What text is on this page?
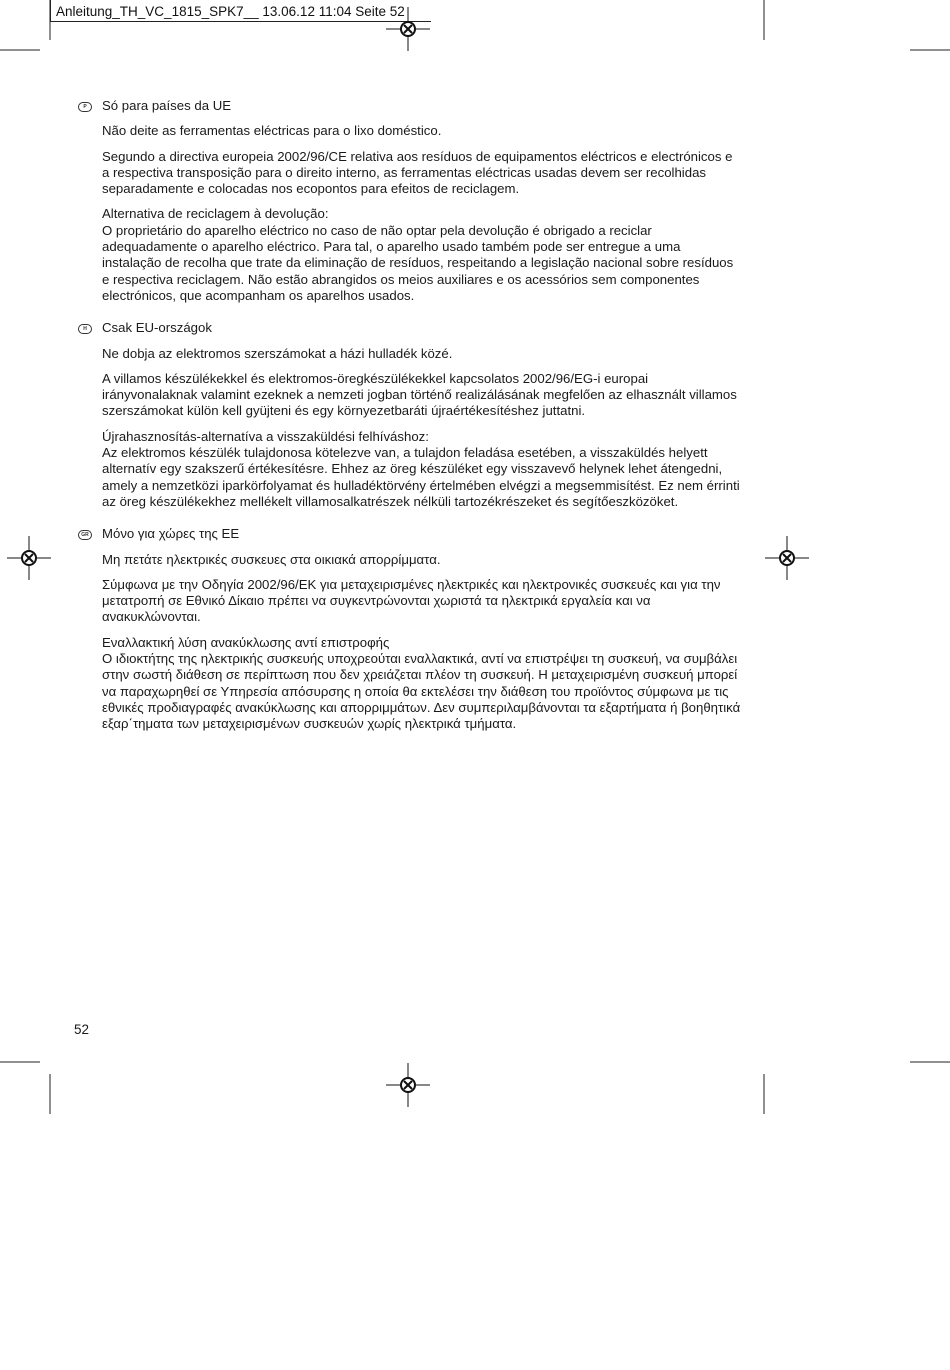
Anleitung_TH_VC_1815_SPK7__ 13.06.12 11:04 Seite 52
P	Só para países da UE

Não deite as ferramentas eléctricas para o lixo doméstico.

Segundo a directiva europeia 2002/96/CE relativa aos resíduos de equipamentos eléctricos e electrónicos e a respectiva transposição para o direito interno, as ferramentas eléctricas usadas devem ser recolhidas separadamente e colocadas nos ecopontos para efeitos de reciclagem.

Alternativa de reciclagem à devolução:
O proprietário do aparelho eléctrico no caso de não optar pela devolução é obrigado a reciclar adequadamente o aparelho eléctrico. Para tal, o aparelho usado também pode ser entregue a uma instalação de recolha que trate da eliminação de resíduos, respeitando a legislação nacional sobre resíduos e respectiva reciclagem. Não estão abrangidos os meios auxiliares e os acessórios sem componentes electrónicos, que acompanham os aparelhos usados.

H	Csak EU-országok

Ne dobja az elektromos szerszámokat a házi hulladék közé.

A villamos készülékekkel és elektromos-öregkészülékekkel kapcsolatos 2002/96/EG-i europai irányvonalaknak valamint ezeknek a nemzeti jogban történő realizálásának megfelően az elhasznált villamos szerszámokat külön kell gyüjteni és egy környezetbaráti újraértékesítéshez juttatni.

Újrahasznosítás-alternatíva a visszaküldési felhíváshoz:
Az elektromos készülék tulajdonosa kötelezve van, a tulajdon feladása esetében, a visszaküldés helyett alternatív egy szakszerű értékesítésre. Ehhez az öreg készüléket egy visszavevő helynek lehet átengedni, amely a nemzetközi iparkörfolyamat és hulladéktörvény értelmében elvégzi a megsemmisítést. Ez nem érrinti az öreg készülékekhez mellékelt villamosalkatrészek nélküli tartozékrészeket és segítőeszközöket.

GR Μόνο για χώρες της ΕΕ

Μη πετάτε ηλεκτρικές συσκευες στα οικιακά απορρίμματα.

Σύμφωνα με την Οδηγία 2002/96/ΕΚ για μεταχειρισμένες ηλεκτρικές και ηλεκτρονικές συσκευές και για την μετατροπή σε Εθνικό Δίκαιο πρέπει να συγκεντρώνονται χωριστά τα ηλεκτρικά εργαλεία και να ανακυκλώνονται.

Εναλλακτική λύση ανακύκλωσης αντί επιστροφής
Ο ιδιοκτήτης της ηλεκτρικής συσκευής υποχρεούται εναλλακτικά, αντί να επιστρέψει τη συσκευή, να συμβάλει στην σωστή διάθεση σε περίπτωση που δεν χρειάζεται πλέον τη συσκευή. Η μεταχειρισμένη συσκευή μπορεί να παραχωρηθεί σε Υπηρεσία απόσυρσης η οποία θα εκτελέσει την διάθεση του προϊόντος σύμφωνα με τις εθνικές προδιαγραφές ανακύκλωσης και απορριμμάτων. Δεν συμπεριλαμβάνονται τα εξαρτήματα ή βοηθητικά εξαρ΄τηματα των μεταχειρισμένων συσκευών χωρίς ηλεκτρικά τμήματα.

52
